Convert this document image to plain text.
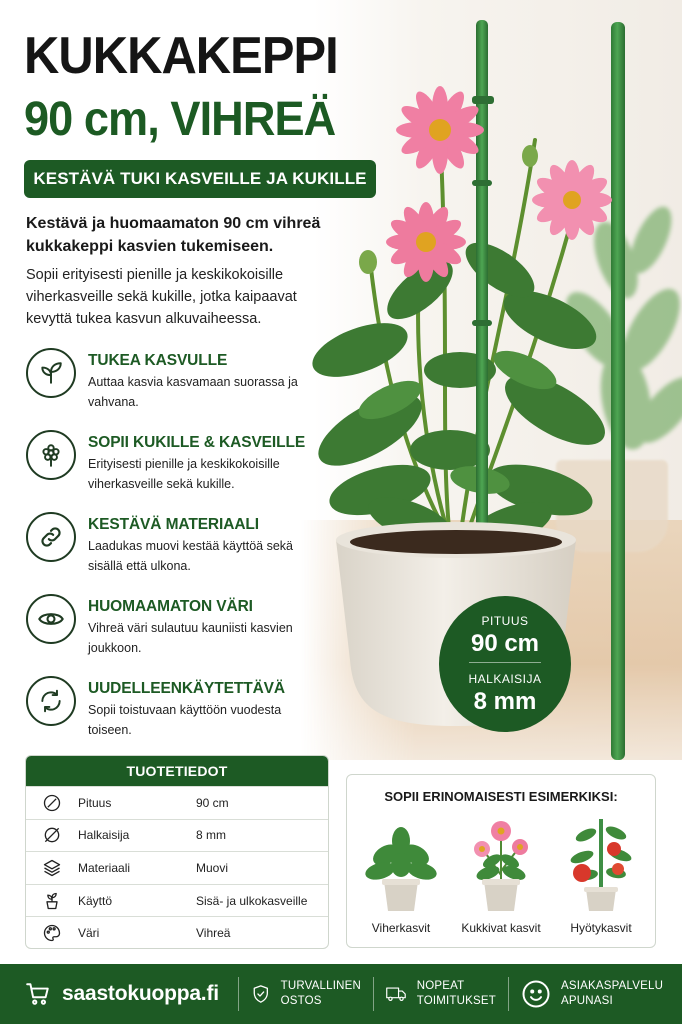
KUKKAKEPPI
90 cm, VIHREÄ
KESTÄVÄ TUKI KASVEILLE JA KUKILLE
Kestävä ja huomaamaton 90 cm vihreä kukkakeppi kasvien tukemiseen.
Sopii erityisesti pienille ja keskikokoisille viherkasveille sekä kukille, jotka kaipaavat kevyttä tukea kasvun alkuvaiheessa.
TUKEA KASVULLE
Auttaa kasvia kasvamaan suorassa ja vahvana.
SOPII KUKILLE & KASVEILLE
Erityisesti pienille ja keskikokoisille viherkasveille sekä kukille.
KESTÄVÄ MATERIAALI
Laadukas muovi kestää käyttöä sekä sisällä että ulkona.
HUOMAAMATON VÄRI
Vihreä väri sulautuu kauniisti kasvien joukkoon.
UUDELLEENKÄYTETTÄVÄ
Sopii toistuvaan käyttöön vuodesta toiseen.
PITUUS
90 cm
HALKAISIJA
8 mm
TUOTETIEDOT
Pituus	90 cm
Halkaisija	8 mm
Materiaali	Muovi
Käyttö	Sisä- ja ulkokasveille
Väri	Vihreä
SOPII ERINOMAISESTI ESIMERKIKSI:
Viherkasvit	Kukkivat kasvit	Hyötykasvit
saastokuoppa.fi	TURVALLINEN
OSTOS
NOPEAT
TOIMITUKSET
ASIAKASPALVELU
APUNASI
